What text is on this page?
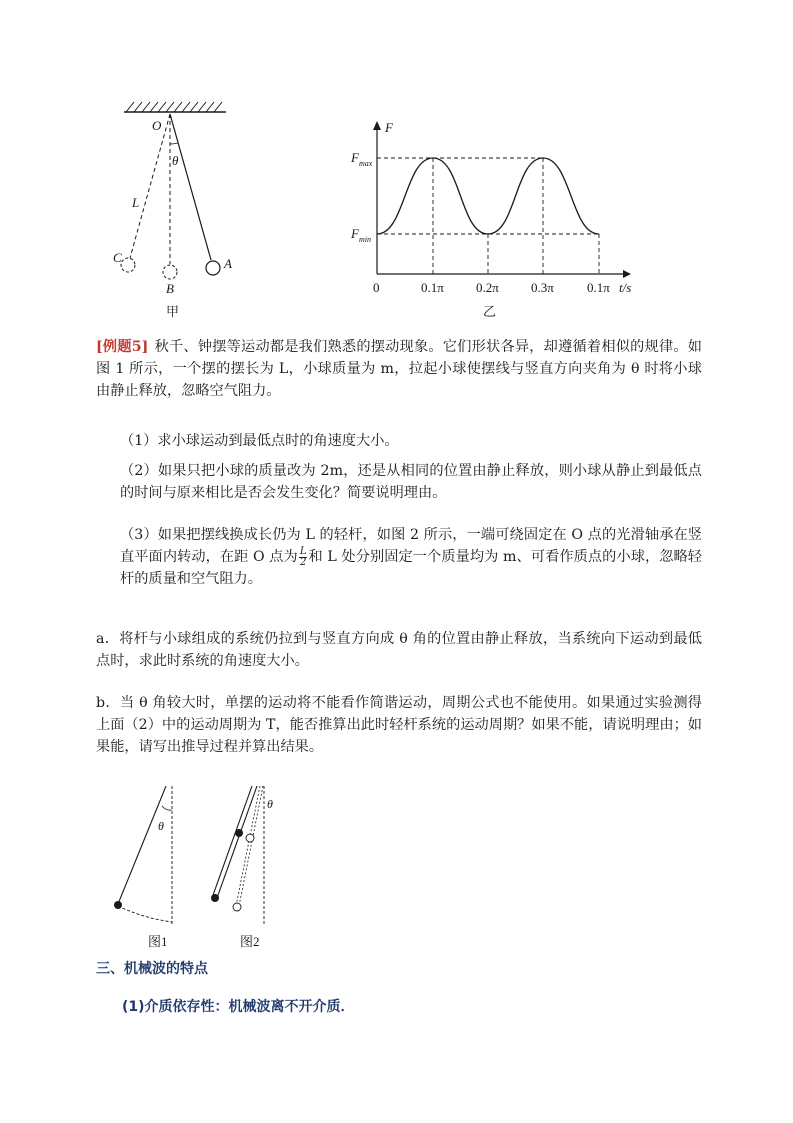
O
θ
L
A
B
C
甲
F
$F_{max}$
$F_{min}$
0	0.1π 0.2π 0.3π	0.1π t/s
乙

[例题5] 秋千、钟摆等运动都是我们熟悉的摆动现象。它们形状各异，却遵循着相似的规律。如图 1 所示，一个摆的摆长为 L，小球质量为 m，拉起小球使摆线与竖直方向夹角为 θ 时将小球由静止释放，忽略空气阻力。

（1）求小球运动到最低点时的角速度大小。

（2）如果只把小球的质量改为 2m，还是从相同的位置由静止释放，则小球从静止到最低点的时间与原来相比是否会发生变化？简要说明理由。

（3）如果把摆线换成长仍为 L 的轻杆，如图 2 所示，一端可绕固定在 O 点的光滑轴承在竖直平面内转动，在距 O 点为 $\frac{L}{2}$ 和 L 处分别固定一个质量均为 m、可看作质点的小球，忽略轻杆的质量和空气阻力。

a．将杆与小球组成的系统仍拉到与竖直方向成 θ 角的位置由静止释放，当系统向下运动到最低点时，求此时系统的角速度大小。

b．当 θ 角较大时，单摆的运动将不能看作简谐运动，周期公式也不能使用。如果通过实验测得上面（2）中的运动周期为 T，能否推算出此时轻杆系统的运动周期？如果不能，请说明理由；如果能，请写出推导过程并算出结果。

θ
图1
θ
图2
三、机械波的特点
(1)介质依存性：机械波离不开介质．
